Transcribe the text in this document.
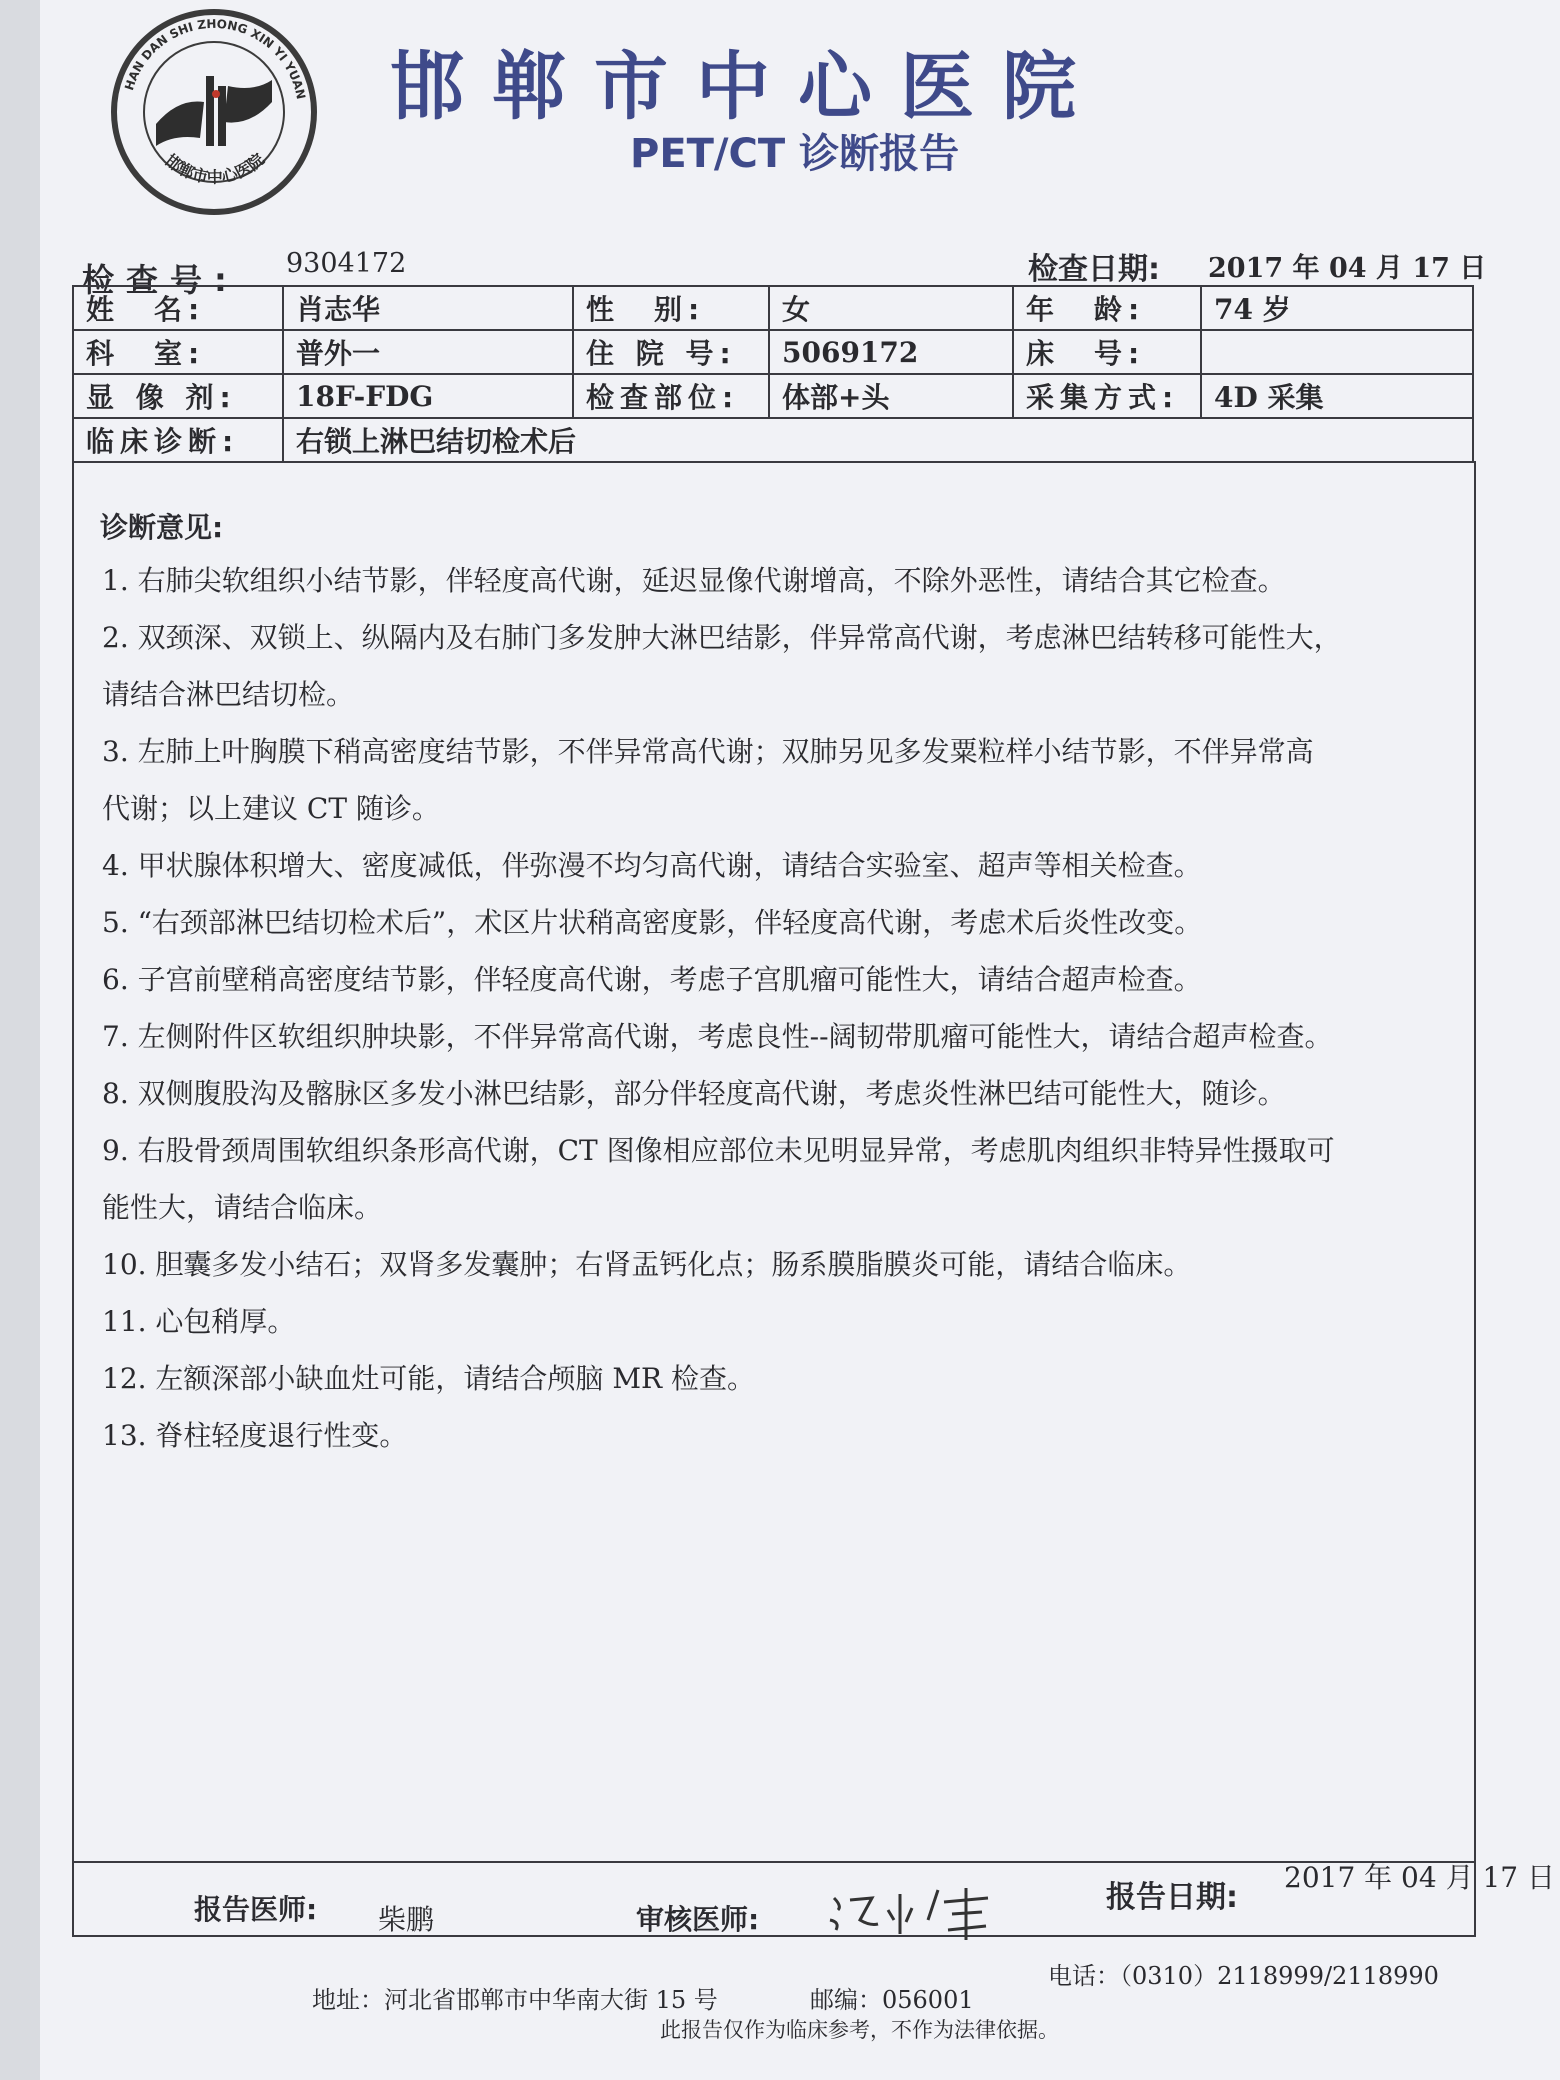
HAN DAN SHI ZHONG XIN YI YUAN
邯郸市中心医院
邯郸市中心医院
PET/CT 诊断报告
检查号: 9304172	检查日期: 2017 年 04 月 17 日
姓　名:	肖志华	性　别:	女	年　龄:	74 岁
科　室:	普外一	住 院 号:	5069172	床　号:	
显 像 剂:	18F-FDG	检查部位:	体部+头	采集方式:	4D 采集
临床诊断:	右锁上淋巴结切检术后				
诊断意见:
1. 右肺尖软组织小结节影，伴轻度高代谢，延迟显像代谢增高，不除外恶性，请结合其它检查。
2. 双颈深、双锁上、纵隔内及右肺门多发肿大淋巴结影，伴异常高代谢，考虑淋巴结转移可能性大，
请结合淋巴结切检。
3. 左肺上叶胸膜下稍高密度结节影，不伴异常高代谢；双肺另见多发粟粒样小结节影，不伴异常高
代谢；以上建议 CT 随诊。
4. 甲状腺体积增大、密度减低，伴弥漫不均匀高代谢，请结合实验室、超声等相关检查。
5. “右颈部淋巴结切检术后”，术区片状稍高密度影，伴轻度高代谢，考虑术后炎性改变。
6. 子宫前壁稍高密度结节影，伴轻度高代谢，考虑子宫肌瘤可能性大，请结合超声检查。
7. 左侧附件区软组织肿块影，不伴异常高代谢，考虑良性--阔韧带肌瘤可能性大，请结合超声检查。
8. 双侧腹股沟及髂脉区多发小淋巴结影，部分伴轻度高代谢，考虑炎性淋巴结可能性大，随诊。
9. 右股骨颈周围软组织条形高代谢，CT 图像相应部位未见明显异常，考虑肌肉组织非特异性摄取可
能性大，请结合临床。
10. 胆囊多发小结石；双肾多发囊肿；右肾盂钙化点；肠系膜脂膜炎可能，请结合临床。
11. 心包稍厚。
12. 左额深部小缺血灶可能，请结合颅脑 MR 检查。
13. 脊柱轻度退行性变。
报告医师: 柴鹏	审核医师:
报告日期:
2017 年 04 月 17 日
地址：河北省邯郸市中华南大街 15 号	邮编：056001
电话：（0310）2118999/2118990
此报告仅作为临床参考，不作为法律依据。
